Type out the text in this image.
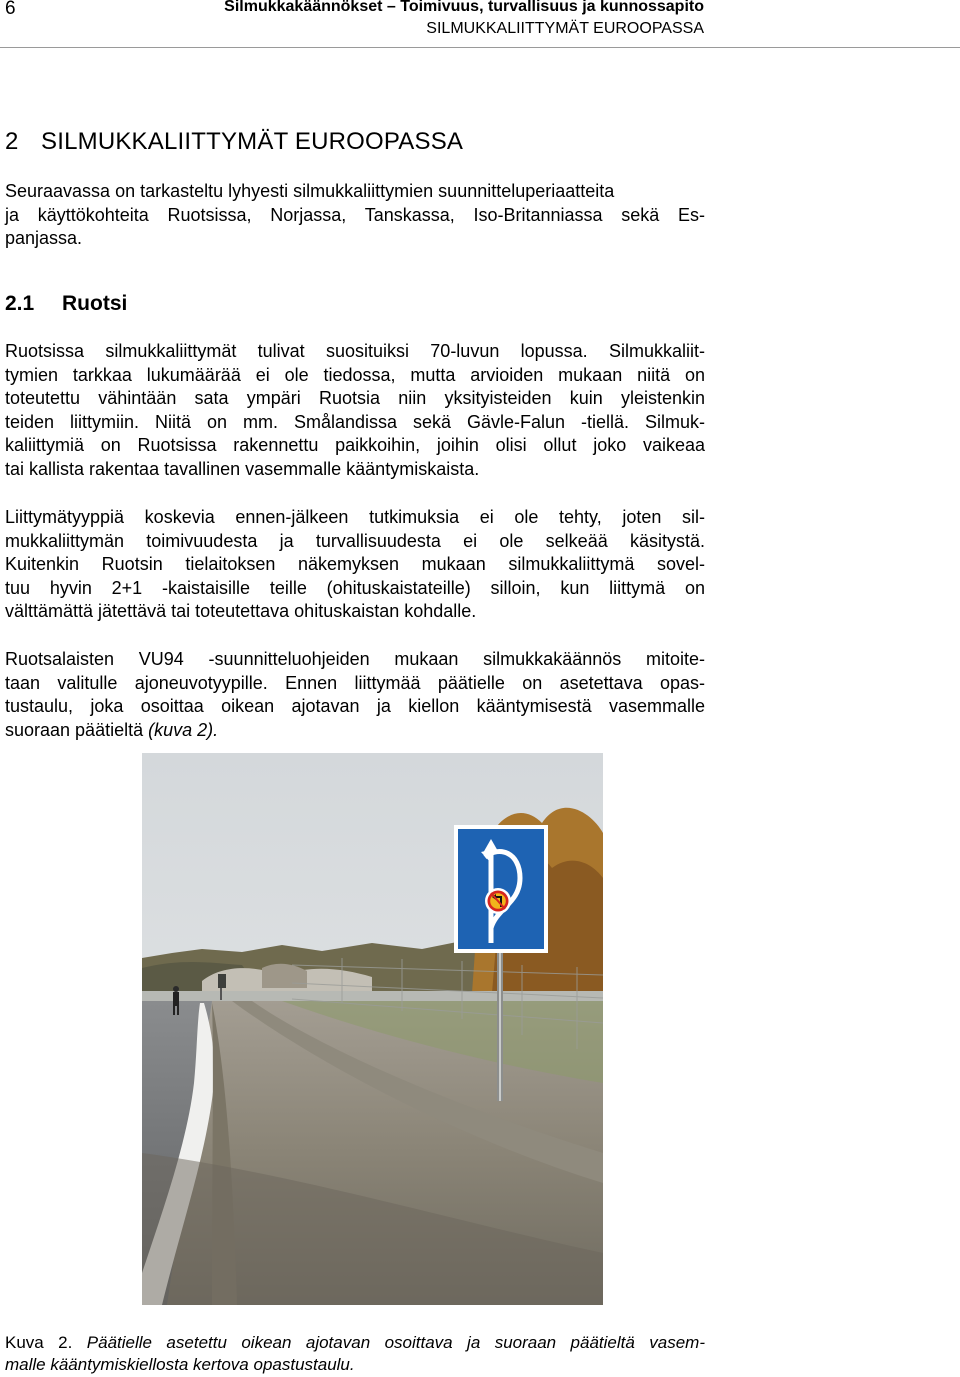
6	Silmukkakäännökset – Toimivuus, turvallisuus ja kunnossapito
SILMUKKALIITTYMÄT EUROOPASSA
2 SILMUKKALIITTYMÄT EUROOPASSA
Seuraavassa on tarkasteltu lyhyesti silmukkaliittymien suunnitteluperiaatteita
ja käyttökohteita Ruotsissa, Norjassa, Tanskassa, Iso-Britanniassa sekä Es-
panjassa.
2.1 Ruotsi
Ruotsissa silmukkaliittymät tulivat suosituiksi 70-luvun lopussa. Silmukkaliit-
tymien tarkkaa lukumäärää ei ole tiedossa, mutta arvioiden mukaan niitä on
toteutettu vähintään sata ympäri Ruotsia niin yksityisteiden kuin yleistenkin
teiden liittymiin. Niitä on mm. Smålandissa sekä Gävle-Falun -tiellä. Silmuk-
kaliittymiä on Ruotsissa rakennettu paikkoihin, joihin olisi ollut joko vaikeaa
tai kallista rakentaa tavallinen vasemmalle kääntymiskaista.
Liittymätyyppiä koskevia ennen-jälkeen tutkimuksia ei ole tehty, joten sil-
mukkaliittymän toimivuudesta ja turvallisuudesta ei ole selkeää käsitystä.
Kuitenkin Ruotsin tielaitoksen näkemyksen mukaan silmukkaliittymä sovel-
tuu hyvin 2+1 -kaistaisille teille (ohituskaistateille) silloin, kun liittymä on
välttämättä jätettävä tai toteutettava ohituskaistan kohdalle.
Ruotsalaisten VU94 -suunnitteluohjeiden mukaan silmukkakäännös mitoite-
taan valitulle ajoneuvotyypille. Ennen liittymää päätielle on asetettava opas-
tustaulu, joka osoittaa oikean ajotavan ja kiellon kääntymisestä vasemmalle
suoraan päätieltä (kuva 2).
Kuva 2. Päätielle asetettu oikean ajotavan osoittava ja suoraan päätieltä vasem-
malle kääntymiskiellosta kertova opastustaulu.
